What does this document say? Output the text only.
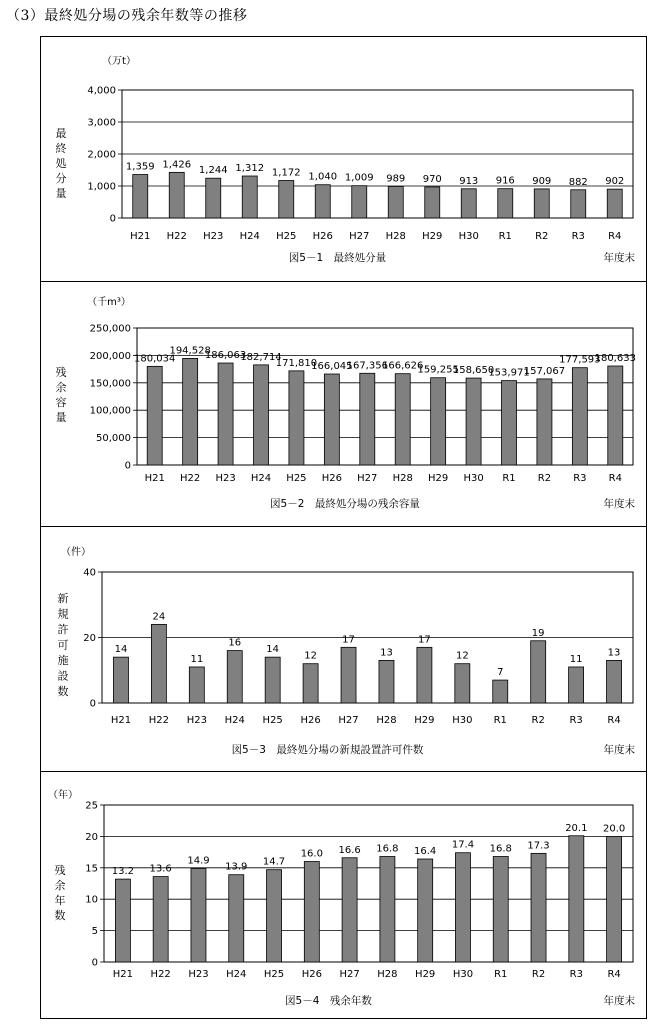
（3）最終処分場の残余年数等の推移
0
1,000
2,000
3,000
4,000
1,359
H21
1,426
H22
1,244
H23
1,312
H24
1,172
H25
1,040
H26
1,009
H27
989
H28
970
H29
913
H30
916
R1
909
R2
882
R3
902
R4
（万t）
最終処分量
図5－1　最終処分量	年度末
0
50,000
100,000
150,000
200,000
250,000
180,034
H21
194,528
H22
186,063
H23
182,714
H24
171,810
H25
166,045
H26
167,356
H27
166,626
H28
159,255
H29
158,650
H30
153,971
R1
157,067
R2
177,593
R3
180,633
R4
（千m³）
残余容量
図5－2　最終処分場の残余容量	年度末
0
20
40
14
H21
24
H22
11
H23
16
H24
14
H25
12
H26
17
H27
13
H28
17
H29
12
H30
7
R1
19
R2
11
R3
13
R4
（件）
新規許可施設数
図5－3　最終処分場の新規設置許可件数	年度末
0
5
10
15
20
25
13.2
H21
13.6
H22
14.9
H23
13.9
H24
14.7
H25
16.0
H26
16.6
H27
16.8
H28
16.4
H29
17.4
H30
16.8
R1
17.3
R2
20.1
R3
20.0
R4
（年）
残余年数
図5－4　残余年数	年度末
